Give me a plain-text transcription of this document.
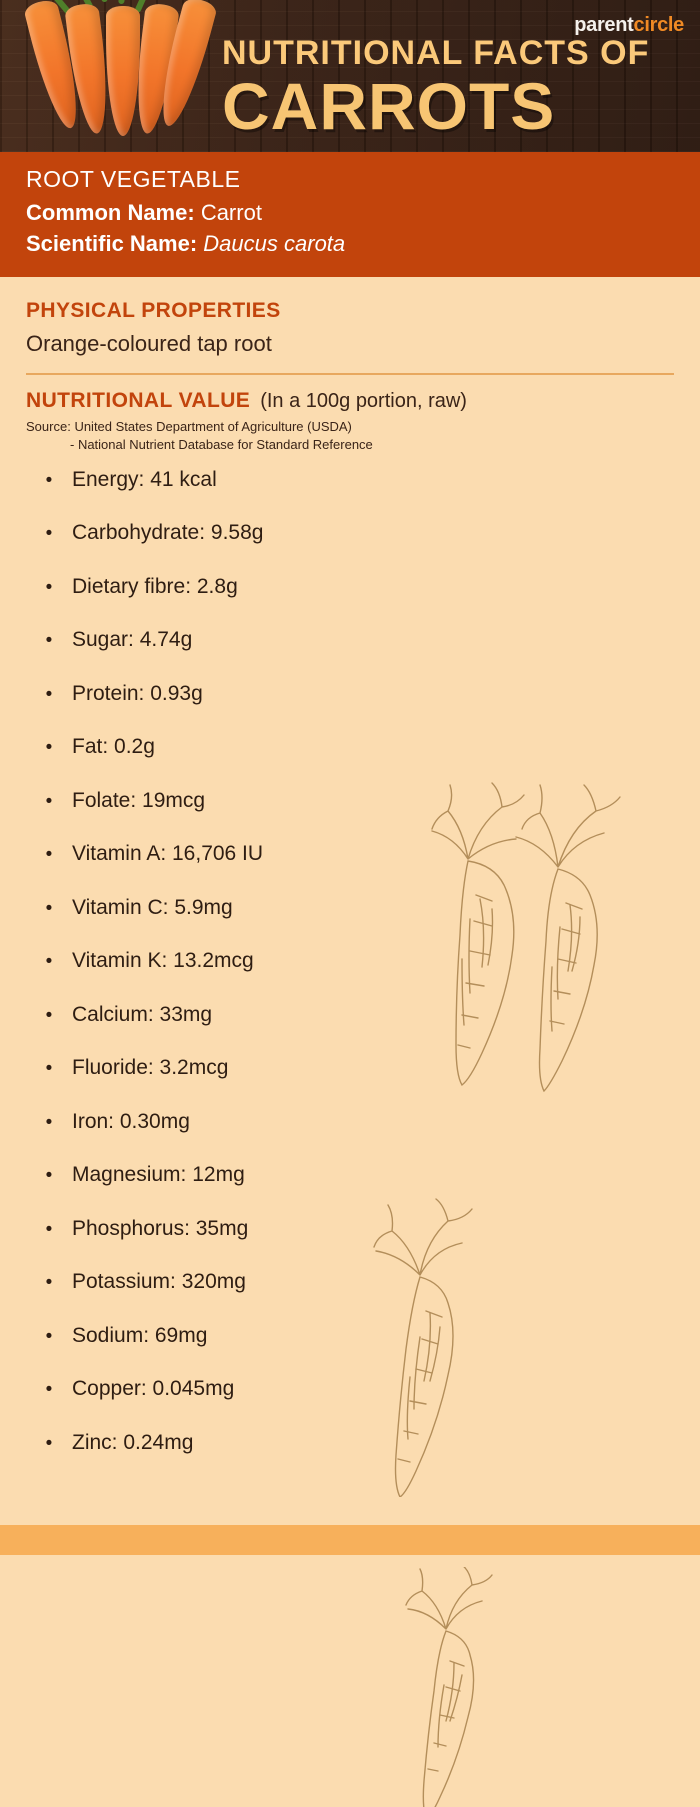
parentcircle
NUTRITIONAL FACTS OF
CARROTS
ROOT VEGETABLE
Common Name: Carrot
Scientific Name: Daucus carota
PHYSICAL PROPERTIES
Orange-coloured tap root
NUTRITIONAL VALUE (In a 100g portion, raw)
Source: United States Department of Agriculture (USDA)
- National Nutrient Database for Standard Reference
• Energy: 41 kcal
• Carbohydrate: 9.58g
• Dietary fibre: 2.8g
• Sugar: 4.74g
• Protein: 0.93g
• Fat: 0.2g
• Folate: 19mcg
• Vitamin A: 16,706 IU
• Vitamin C: 5.9mg
• Vitamin K: 13.2mcg
• Calcium: 33mg
• Fluoride: 3.2mcg
• Iron: 0.30mg
• Magnesium: 12mg
• Phosphorus: 35mg
• Potassium: 320mg
• Sodium: 69mg
• Copper: 0.045mg
• Zinc: 0.24mg
